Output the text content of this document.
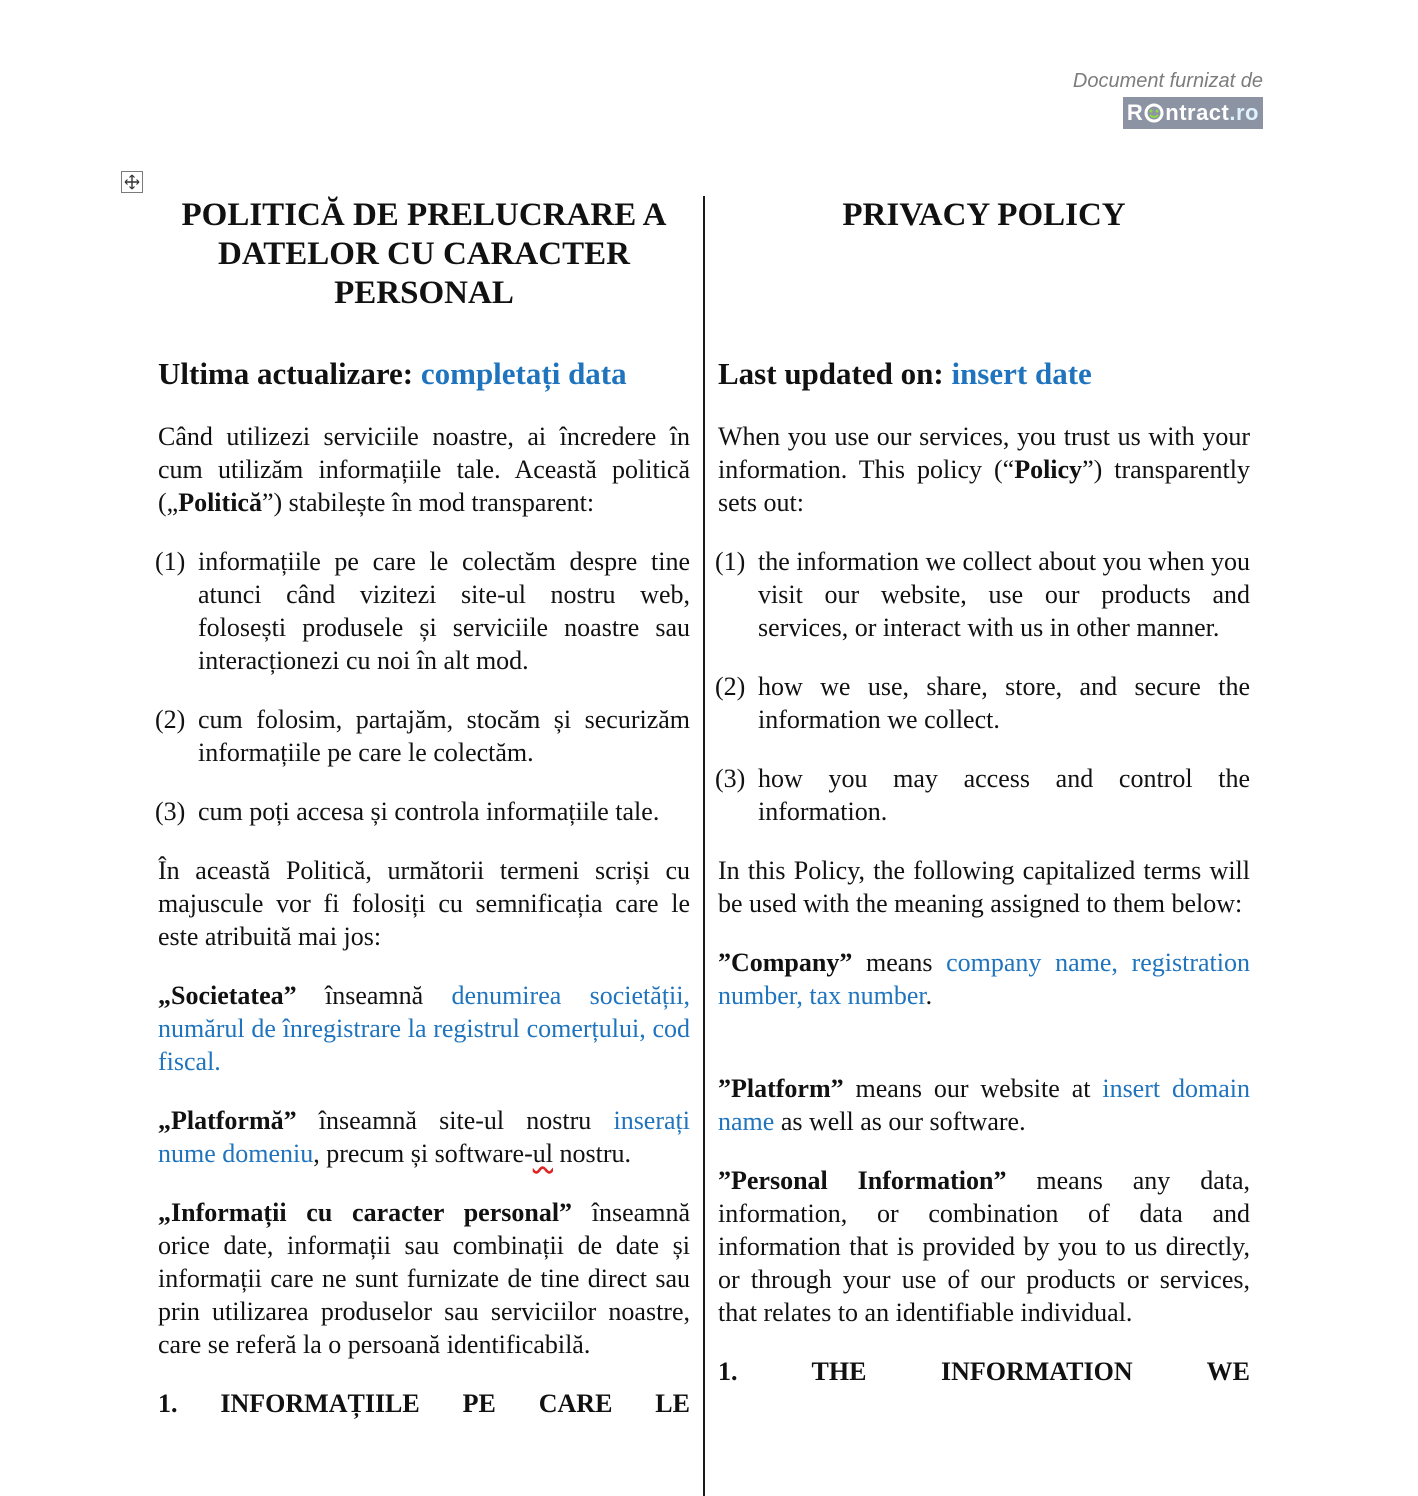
Document furnizat de
R ntract.ro
POLITICĂ DE PRELUCRARE A DATELOR CU CARACTER PERSONAL
Ultima actualizare: completați data

Când utilizezi serviciile noastre, ai încredere în cum utilizăm informațiile tale. Această politică („Politică”) stabilește în mod transparent:

(1) informațiile pe care le colectăm despre tine atunci când vizitezi site-ul nostru web, folosești produsele și serviciile noastre sau interacționezi cu noi în alt mod.
(2) cum folosim, partajăm, stocăm și securizăm informațiile pe care le colectăm.
(3) cum poți accesa și controla informațiile tale.

În această Politică, următorii termeni scriși cu majuscule vor fi folosiți cu semnificația care le este atribuită mai jos:

„Societatea” înseamnă denumirea societății, numărul de înregistrare la registrul comerțului, cod fiscal.

„Platformă” înseamnă site-ul nostru inserați nume domeniu, precum și software-ul nostru.

„Informații cu caracter personal” înseamnă orice date, informații sau combinații de date și informații care ne sunt furnizate de tine direct sau prin utilizarea produselor sau serviciilor noastre, care se referă la o persoană identificabilă.

1. INFORMAȚIILE PE CARE LE

PRIVACY POLICY
Last updated on: insert date

When you use our services, you trust us with your information. This policy (“Policy”) transparently sets out:

(1) the information we collect about you when you visit our website, use our products and services, or interact with us in other manner.
(2) how we use, share, store, and secure the information we collect.
(3) how you may access and control the information.

In this Policy, the following capitalized terms will be used with the meaning assigned to them below:

”Company” means company name, registration number, tax number.

”Platform” means our website at insert domain name as well as our software.

”Personal Information” means any data, information, or combination of data and information that is provided by you to us directly, or through your use of our products or services, that relates to an identifiable individual.

1. THE INFORMATION WE
